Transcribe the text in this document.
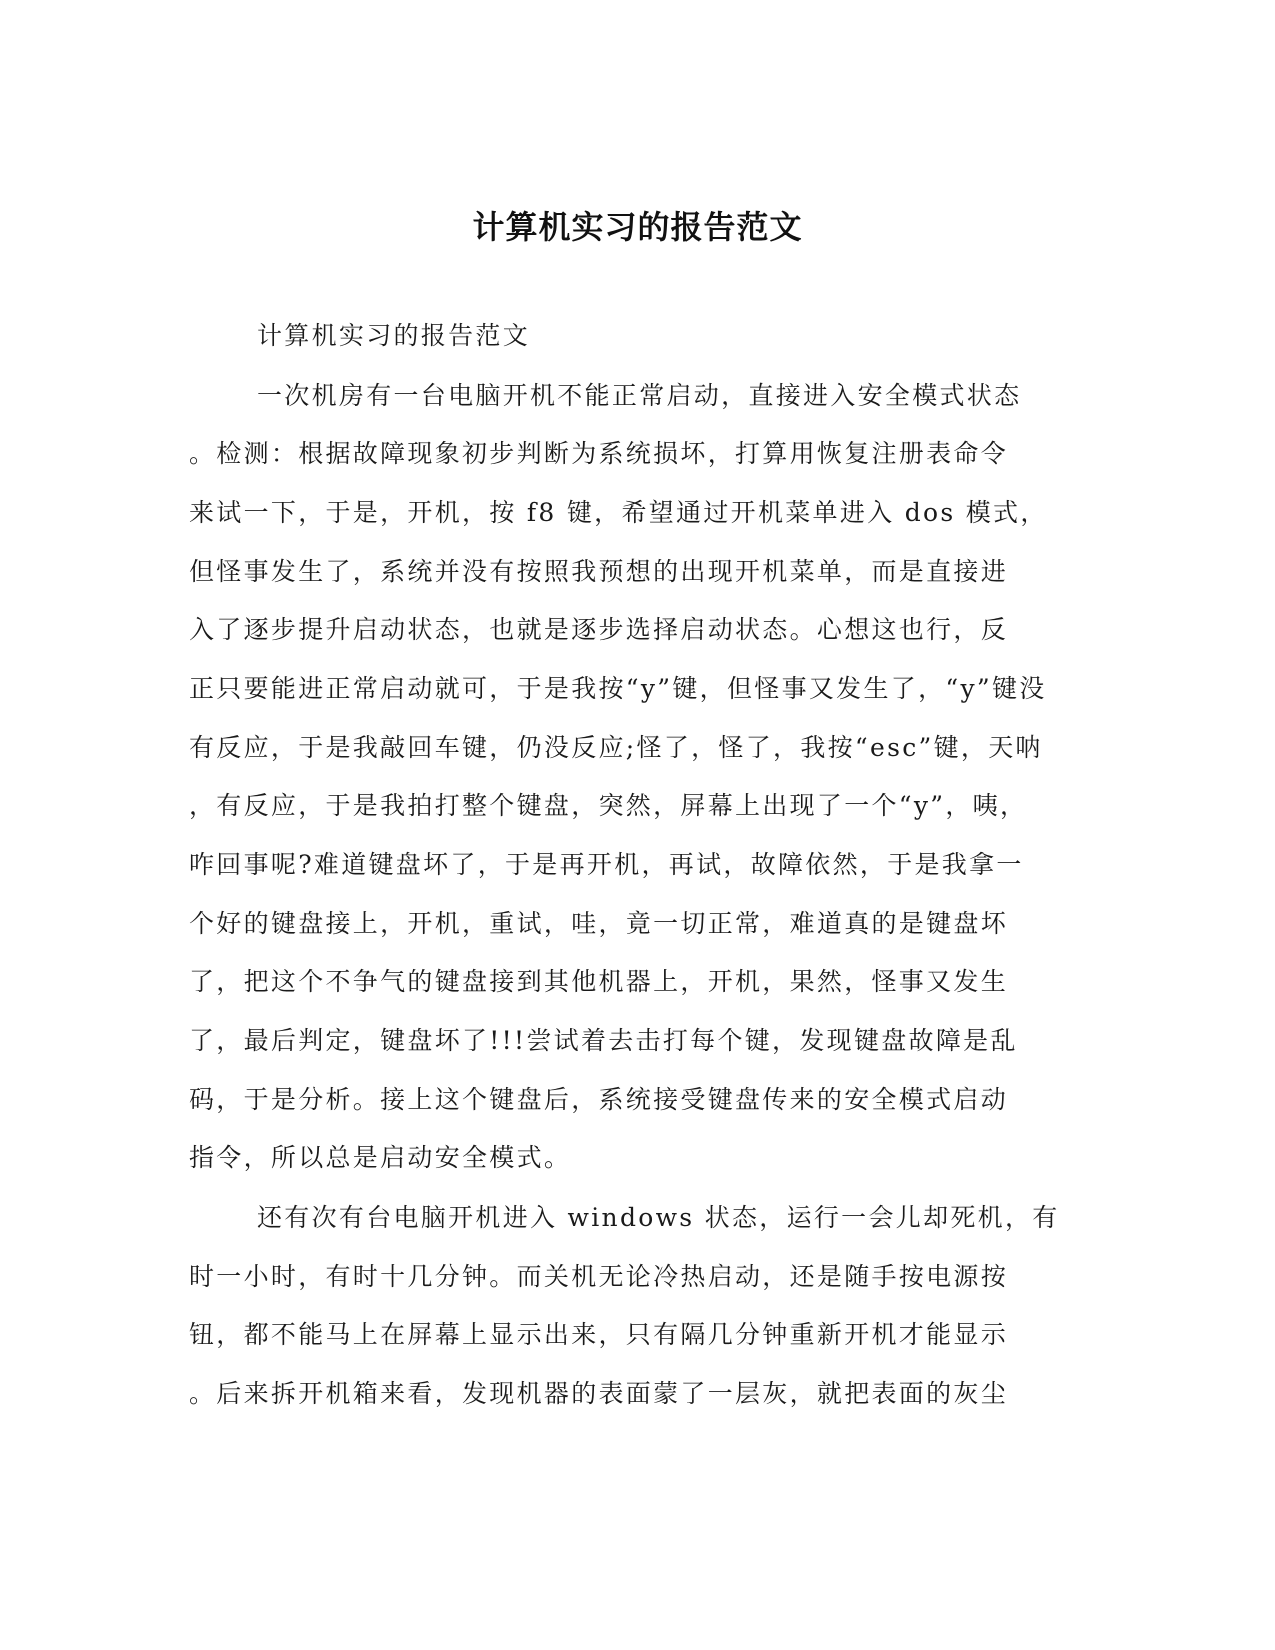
计算机实习的报告范文
计算机实习的报告范文
一次机房有一台电脑开机不能正常启动，直接进入安全模式状态
。检测：根据故障现象初步判断为系统损坏，打算用恢复注册表命令
来试一下，于是，开机，按 f8 键，希望通过开机菜单进入 dos 模式，
但怪事发生了，系统并没有按照我预想的出现开机菜单，而是直接进
入了逐步提升启动状态，也就是逐步选择启动状态。心想这也行，反
正只要能进正常启动就可，于是我按“y”键，但怪事又发生了，“y”键没
有反应，于是我敲回车键，仍没反应;怪了，怪了，我按“esc”键，天呐
，有反应，于是我拍打整个键盘，突然，屏幕上出现了一个“y”，咦，
咋回事呢?难道键盘坏了，于是再开机，再试，故障依然，于是我拿一
个好的键盘接上，开机，重试，哇，竟一切正常，难道真的是键盘坏
了，把这个不争气的键盘接到其他机器上，开机，果然，怪事又发生
了，最后判定，键盘坏了!!!尝试着去击打每个键，发现键盘故障是乱
码，于是分析。接上这个键盘后，系统接受键盘传来的安全模式启动
指令，所以总是启动安全模式。
还有次有台电脑开机进入 windows 状态，运行一会儿却死机，有
时一小时，有时十几分钟。而关机无论冷热启动，还是随手按电源按
钮，都不能马上在屏幕上显示出来，只有隔几分钟重新开机才能显示
。后来拆开机箱来看，发现机器的表面蒙了一层灰，就把表面的灰尘
